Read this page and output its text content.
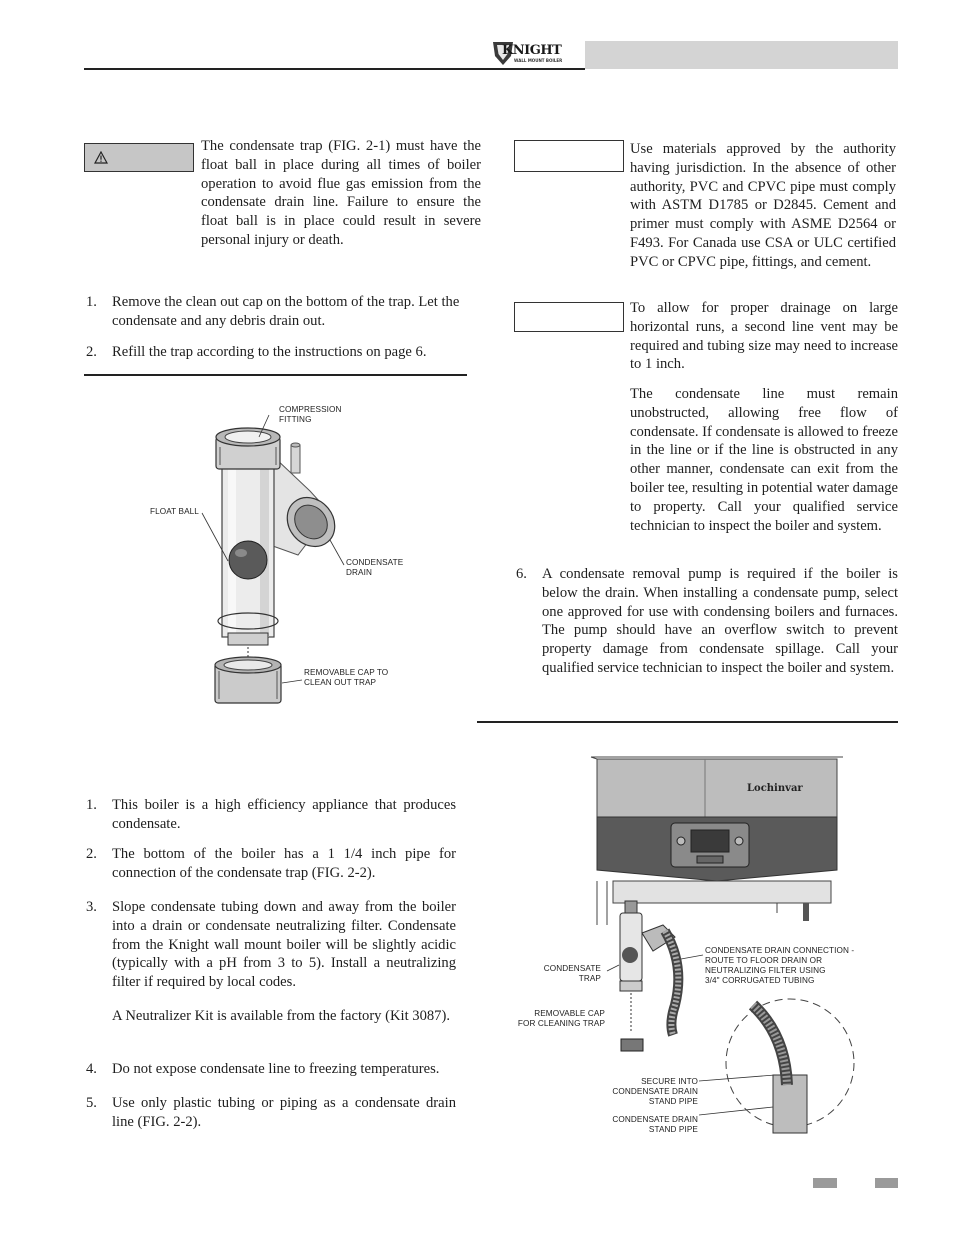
KNIGHT
WALL MOUNT BOILER
The condensate trap (FIG. 2-1) must have the float ball in place during all times of boiler operation to avoid flue gas emission from the condensate drain line. Failure to ensure the float ball is in place could result in severe personal injury or death.
1. Remove the clean out cap on the bottom of the trap. Let the condensate and any debris drain out.
2. Refill the trap according to the instructions on page 6.
COMPRESSION FITTING
FLOAT BALL
CONDENSATE DRAIN
REMOVABLE CAP TO CLEAN OUT TRAP
1. This boiler is a high efficiency appliance that produces condensate.
2. The bottom of the boiler has a 1 1/4 inch pipe for connection of the condensate trap (FIG. 2-2).
3. Slope condensate tubing down and away from the boiler into a drain or condensate neutralizing filter. Condensate from the Knight wall mount boiler will be slightly acidic (typically with a pH from 3 to 5). Install a neutralizing filter if required by local codes.
A Neutralizer Kit is available from the factory (Kit 3087).
4. Do not expose condensate line to freezing temperatures.
5. Use only plastic tubing or piping as a condensate drain line (FIG. 2-2).
Use materials approved by the authority having jurisdiction. In the absence of other authority, PVC and CPVC pipe must comply with ASTM D1785 or D2845. Cement and primer must comply with ASME D2564 or F493. For Canada use CSA or ULC certified PVC or CPVC pipe, fittings, and cement.
To allow for proper drainage on large horizontal runs, a second line vent may be required and tubing size may need to increase to 1 inch.
The condensate line must remain unobstructed, allowing free flow of condensate. If condensate is allowed to freeze in the line or if the line is obstructed in any other manner, condensate can exit from the boiler tee, resulting in potential water damage to property. Call your qualified service technician to inspect the boiler and system.
6. A condensate removal pump is required if the boiler is below the drain. When installing a condensate pump, select one approved for use with condensing boilers and furnaces. The pump should have an overflow switch to prevent property damage from condensate spillage. Call your qualified service technician to inspect the boiler and system.
Lochinvar
CONDENSATE DRAIN CONNECTION -
ROUTE TO FLOOR DRAIN OR
NEUTRALIZING FILTER USING
3/4" CORRUGATED TUBING
CONDENSATE
TRAP
REMOVABLE CAP
FOR CLEANING TRAP
SECURE INTO
CONDENSATE DRAIN
STAND PIPE
CONDENSATE DRAIN
STAND PIPE
